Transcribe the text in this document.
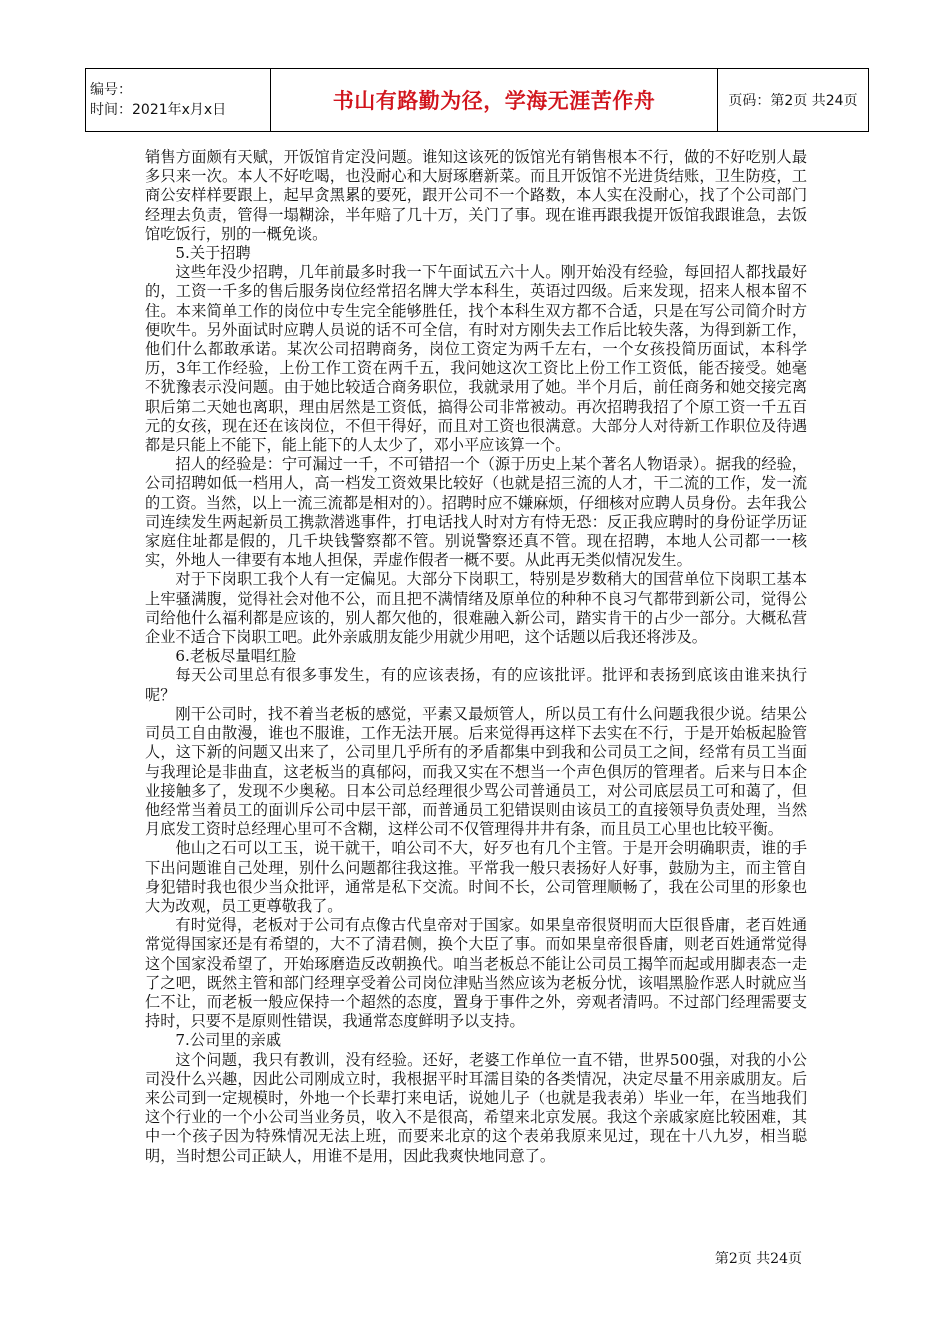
编号：
时间：2021年x月x日	书山有路勤为径，学海无涯苦作舟	页码：第2页 共24页

销售方面颇有天赋，开饭馆肯定没问题。谁知这该死的饭馆光有销售根本不行，做的不好吃别人最多只来一次。本人不好吃喝，也没耐心和大厨琢磨新菜。而且开饭馆不光进货结账，卫生防疫，工商公安样样要跟上，起早贪黑累的要死，跟开公司不一个路数，本人实在没耐心，找了个公司部门经理去负责，管得一塌糊涂，半年赔了几十万，关门了事。现在谁再跟我提开饭馆我跟谁急，去饭馆吃饭行，别的一概免谈。

5.关于招聘

这些年没少招聘，几年前最多时我一下午面试五六十人。刚开始没有经验，每回招人都找最好的，工资一千多的售后服务岗位经常招名牌大学本科生，英语过四级。后来发现，招来人根本留不住。本来简单工作的岗位中专生完全能够胜任，找个本科生双方都不合适，只是在写公司简介时方便吹牛。另外面试时应聘人员说的话不可全信，有时对方刚失去工作后比较失落，为得到新工作，他们什么都敢承诺。某次公司招聘商务，岗位工资定为两千左右，一个女孩投简历面试，本科学历，3年工作经验，上份工作工资在两千五，我问她这次工资比上份工作工资低，能否接受。她毫不犹豫表示没问题。由于她比较适合商务职位，我就录用了她。半个月后，前任商务和她交接完离职后第二天她也离职，理由居然是工资低，搞得公司非常被动。再次招聘我招了个原工资一千五百元的女孩，现在还在该岗位，不但干得好，而且对工资也很满意。大部分人对待新工作职位及待遇都是只能上不能下，能上能下的人太少了，邓小平应该算一个。

招人的经验是：宁可漏过一千，不可错招一个（源于历史上某个著名人物语录）。据我的经验，公司招聘如低一档用人，高一档发工资效果比较好（也就是招三流的人才，干二流的工作，发一流的工资。当然，以上一流三流都是相对的）。招聘时应不嫌麻烦，仔细核对应聘人员身份。去年我公司连续发生两起新员工携款潜逃事件，打电话找人时对方有恃无恐：反正我应聘时的身份证学历证家庭住址都是假的，几千块钱警察都不管。别说警察还真不管。现在招聘，本地人公司都一一核实，外地人一律要有本地人担保，弄虚作假者一概不要。从此再无类似情况发生。

对于下岗职工我个人有一定偏见。大部分下岗职工，特别是岁数稍大的国营单位下岗职工基本上牢骚满腹，觉得社会对他不公，而且把不满情绪及原单位的种种不良习气都带到新公司，觉得公司给他什么福利都是应该的，别人都欠他的，很难融入新公司，踏实肯干的占少一部分。大概私营企业不适合下岗职工吧。此外亲戚朋友能少用就少用吧，这个话题以后我还将涉及。

6.老板尽量唱红脸

每天公司里总有很多事发生，有的应该表扬，有的应该批评。批评和表扬到底该由谁来执行呢？

刚干公司时，找不着当老板的感觉，平素又最烦管人，所以员工有什么问题我很少说。结果公司员工自由散漫，谁也不服谁，工作无法开展。后来觉得再这样下去实在不行，于是开始板起脸管人，这下新的问题又出来了，公司里几乎所有的矛盾都集中到我和公司员工之间，经常有员工当面与我理论是非曲直，这老板当的真郁闷，而我又实在不想当一个声色俱厉的管理者。后来与日本企业接触多了，发现不少奥秘。日本公司总经理很少骂公司普通员工，对公司底层员工可和蔼了，但他经常当着员工的面训斥公司中层干部，而普通员工犯错误则由该员工的直接领导负责处理，当然月底发工资时总经理心里可不含糊，这样公司不仅管理得井井有条，而且员工心里也比较平衡。

他山之石可以工玉，说干就干，咱公司不大，好歹也有几个主管。于是开会明确职责，谁的手下出问题谁自己处理，别什么问题都往我这推。平常我一般只表扬好人好事，鼓励为主，而主管自身犯错时我也很少当众批评，通常是私下交流。时间不长，公司管理顺畅了，我在公司里的形象也大为改观，员工更尊敬我了。

有时觉得，老板对于公司有点像古代皇帝对于国家。如果皇帝很贤明而大臣很昏庸，老百姓通常觉得国家还是有希望的，大不了清君侧，换个大臣了事。而如果皇帝很昏庸，则老百姓通常觉得这个国家没希望了，开始琢磨造反改朝换代。咱当老板总不能让公司员工揭竿而起或用脚表态一走了之吧，既然主管和部门经理享受着公司岗位津贴当然应该为老板分忧，该唱黑脸作恶人时就应当仁不让，而老板一般应保持一个超然的态度，置身于事件之外，旁观者清吗。不过部门经理需要支持时，只要不是原则性错误，我通常态度鲜明予以支持。

7.公司里的亲戚

这个问题，我只有教训，没有经验。还好，老婆工作单位一直不错，世界500强，对我的小公司没什么兴趣，因此公司刚成立时，我根据平时耳濡目染的各类情况，决定尽量不用亲戚朋友。后来公司到一定规模时，外地一个长辈打来电话，说她儿子（也就是我表弟）毕业一年，在当地我们这个行业的一个小公司当业务员，收入不是很高，希望来北京发展。我这个亲戚家庭比较困难，其中一个孩子因为特殊情况无法上班，而要来北京的这个表弟我原来见过，现在十八九岁，相当聪明，当时想公司正缺人，用谁不是用，因此我爽快地同意了。

第2页 共24页
